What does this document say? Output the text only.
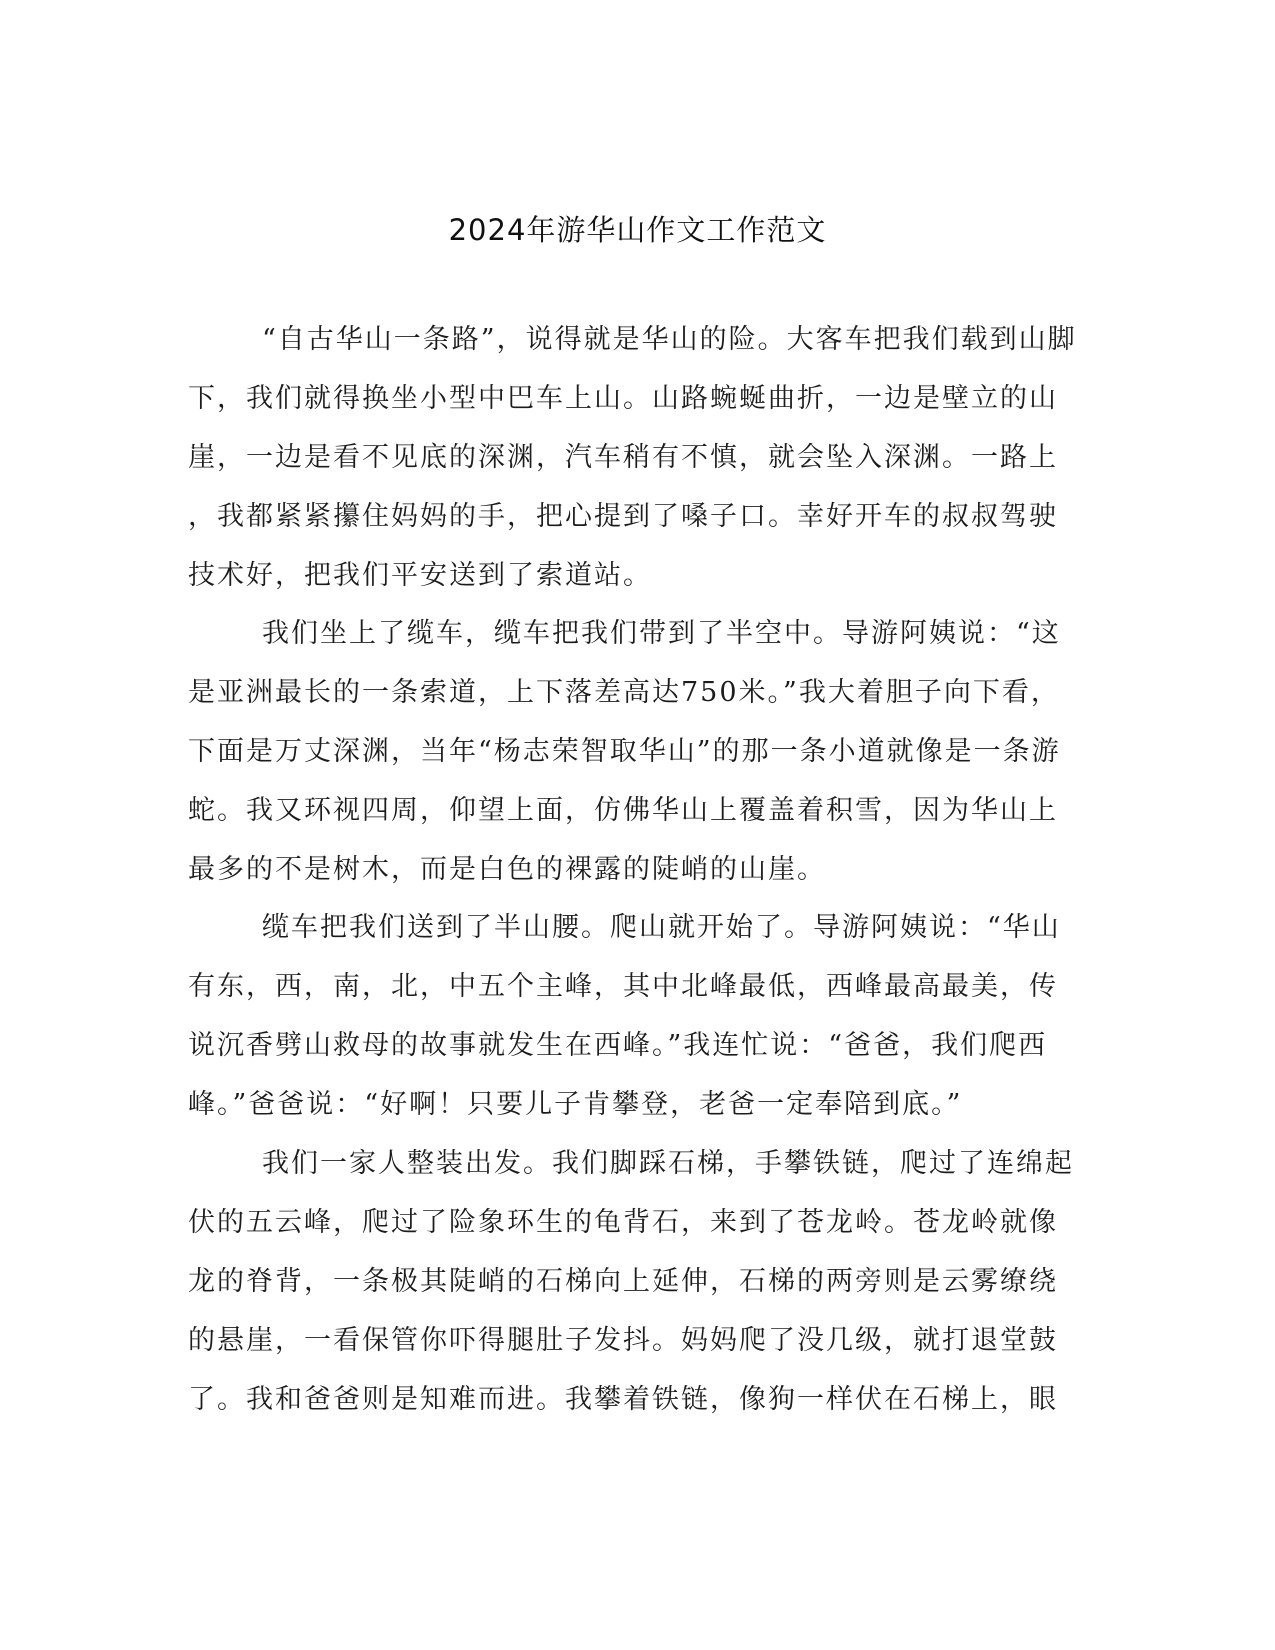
2024年游华山作文工作范文
“自古华山一条路”，说得就是华山的险。大客车把我们载到山脚
下，我们就得换坐小型中巴车上山。山路蜿蜒曲折，一边是壁立的山
崖，一边是看不见底的深渊，汽车稍有不慎，就会坠入深渊。一路上
，我都紧紧攥住妈妈的手，把心提到了嗓子口。幸好开车的叔叔驾驶
技术好，把我们平安送到了索道站。
我们坐上了缆车，缆车把我们带到了半空中。导游阿姨说：“这
是亚洲最长的一条索道，上下落差高达750米。”我大着胆子向下看，
下面是万丈深渊，当年“杨志荣智取华山”的那一条小道就像是一条游
蛇。我又环视四周，仰望上面，仿佛华山上覆盖着积雪，因为华山上
最多的不是树木，而是白色的裸露的陡峭的山崖。
缆车把我们送到了半山腰。爬山就开始了。导游阿姨说：“华山
有东，西，南，北，中五个主峰，其中北峰最低，西峰最高最美，传
说沉香劈山救母的故事就发生在西峰。”我连忙说：“爸爸，我们爬西
峰。”爸爸说：“好啊！只要儿子肯攀登，老爸一定奉陪到底。”
我们一家人整装出发。我们脚踩石梯，手攀铁链，爬过了连绵起
伏的五云峰，爬过了险象环生的龟背石，来到了苍龙岭。苍龙岭就像
龙的脊背，一条极其陡峭的石梯向上延伸，石梯的两旁则是云雾缭绕
的悬崖，一看保管你吓得腿肚子发抖。妈妈爬了没几级，就打退堂鼓
了。我和爸爸则是知难而进。我攀着铁链，像狗一样伏在石梯上，眼
